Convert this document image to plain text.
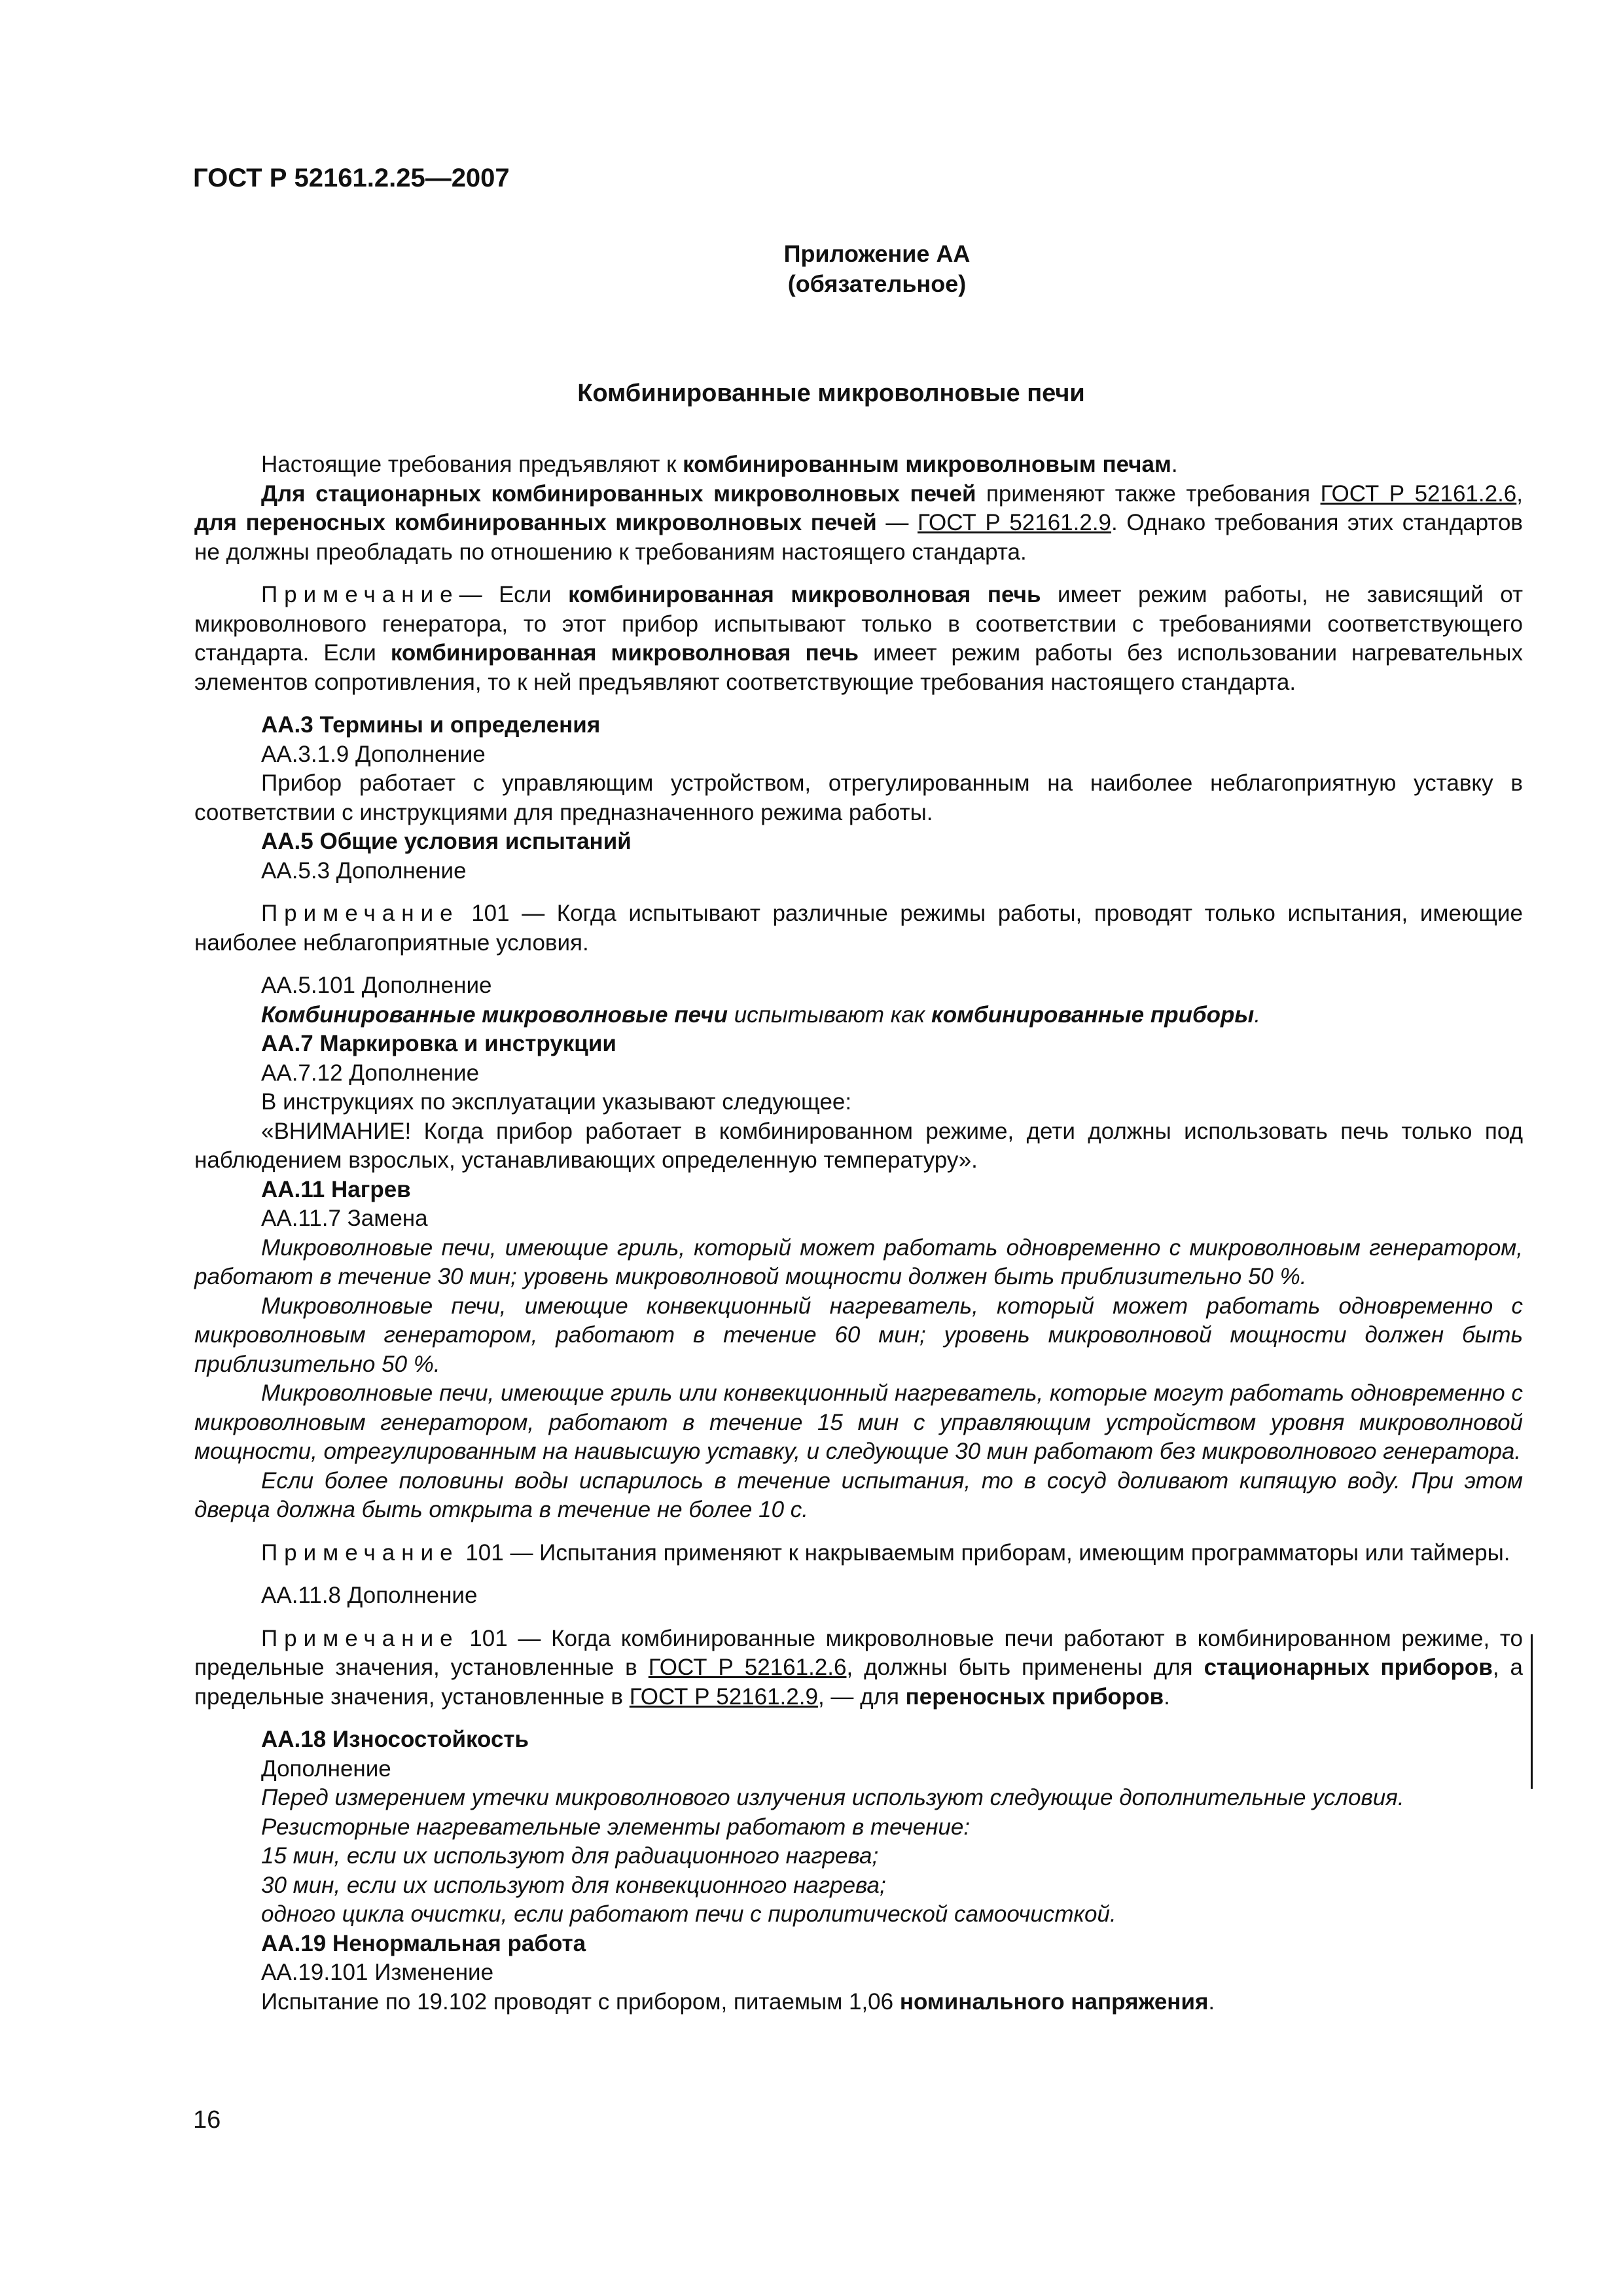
ГОСТ Р 52161.2.25—2007
Приложение АА
(обязательное)
Комбинированные микроволновые печи

Настоящие требования предъявляют к комбинированным микроволновым печам.

Для стационарных комбинированных микроволновых печей применяют также требования ГОСТ Р 52161.2.6, для переносных комбинированных микроволновых печей — ГОСТ Р 52161.2.9. Однако требования этих стандартов не должны преобладать по отношению к требованиям настоящего стандарта.

Примечание— Если комбинированная микроволновая печь имеет режим работы, не зависящий от микроволнового генератора, то этот прибор испытывают только в соответствии с требованиями соответствующего стандарта. Если комбинированная микроволновая печь имеет режим работы без использовании нагревательных элементов сопротивления, то к ней предъявляют соответствующие требования настоящего стандарта.

АА.3 Термины и определения

АА.3.1.9 Дополнение

Прибор работает с управляющим устройством, отрегулированным на наиболее неблагоприятную уставку в соответствии с инструкциями для предназначенного режима работы.

АА.5 Общие условия испытаний

АА.5.3 Дополнение

Примечание 101 — Когда испытывают различные режимы работы, проводят только испытания, имеющие наиболее неблагоприятные условия.

АА.5.101 Дополнение

Комбинированные микроволновые печи испытывают как комбинированные приборы.

АА.7 Маркировка и инструкции

АА.7.12 Дополнение

В инструкциях по эксплуатации указывают следующее:

«ВНИМАНИЕ! Когда прибор работает в комбинированном режиме, дети должны использовать печь только под наблюдением взрослых, устанавливающих определенную температуру».

АА.11 Нагрев

АА.11.7 Замена

Микроволновые печи, имеющие гриль, который может работать одновременно с микроволновым генератором, работают в течение 30 мин; уровень микроволновой мощности должен быть приблизительно 50 %.

Микроволновые печи, имеющие конвекционный нагреватель, который может работать одновременно с микроволновым генератором, работают в течение 60 мин; уровень микроволновой мощности должен быть приблизительно 50 %.

Микроволновые печи, имеющие гриль или конвекционный нагреватель, которые могут работать одновременно с микроволновым генератором, работают в течение 15 мин с управляющим устройством уровня микроволновой мощности, отрегулированным на наивысшую уставку, и следующие 30 мин работают без микроволнового генератора.

Если более половины воды испарилось в течение испытания, то в сосуд доливают кипящую воду. При этом дверца должна быть открыта в течение не более 10 с.

Примечание 101 — Испытания применяют к накрываемым приборам, имеющим программаторы или таймеры.

АА.11.8 Дополнение

Примечание 101 — Когда комбинированные микроволновые печи работают в комбинированном режиме, то предельные значения, установленные в ГОСТ Р 52161.2.6, должны быть применены для стационарных приборов, а предельные значения, установленные в ГОСТ Р 52161.2.9, — для переносных приборов.

АА.18 Износостойкость

Дополнение

Перед измерением утечки микроволнового излучения используют следующие дополнительные условия.

Резисторные нагревательные элементы работают в течение:

15 мин, если их используют для радиационного нагрева;

30 мин, если их используют для конвекционного нагрева;

одного цикла очистки, если работают печи с пиролитической самоочисткой.

АА.19 Ненормальная работа

АА.19.101 Изменение

Испытание по 19.102 проводят с прибором, питаемым 1,06 номинального напряжения.

16
